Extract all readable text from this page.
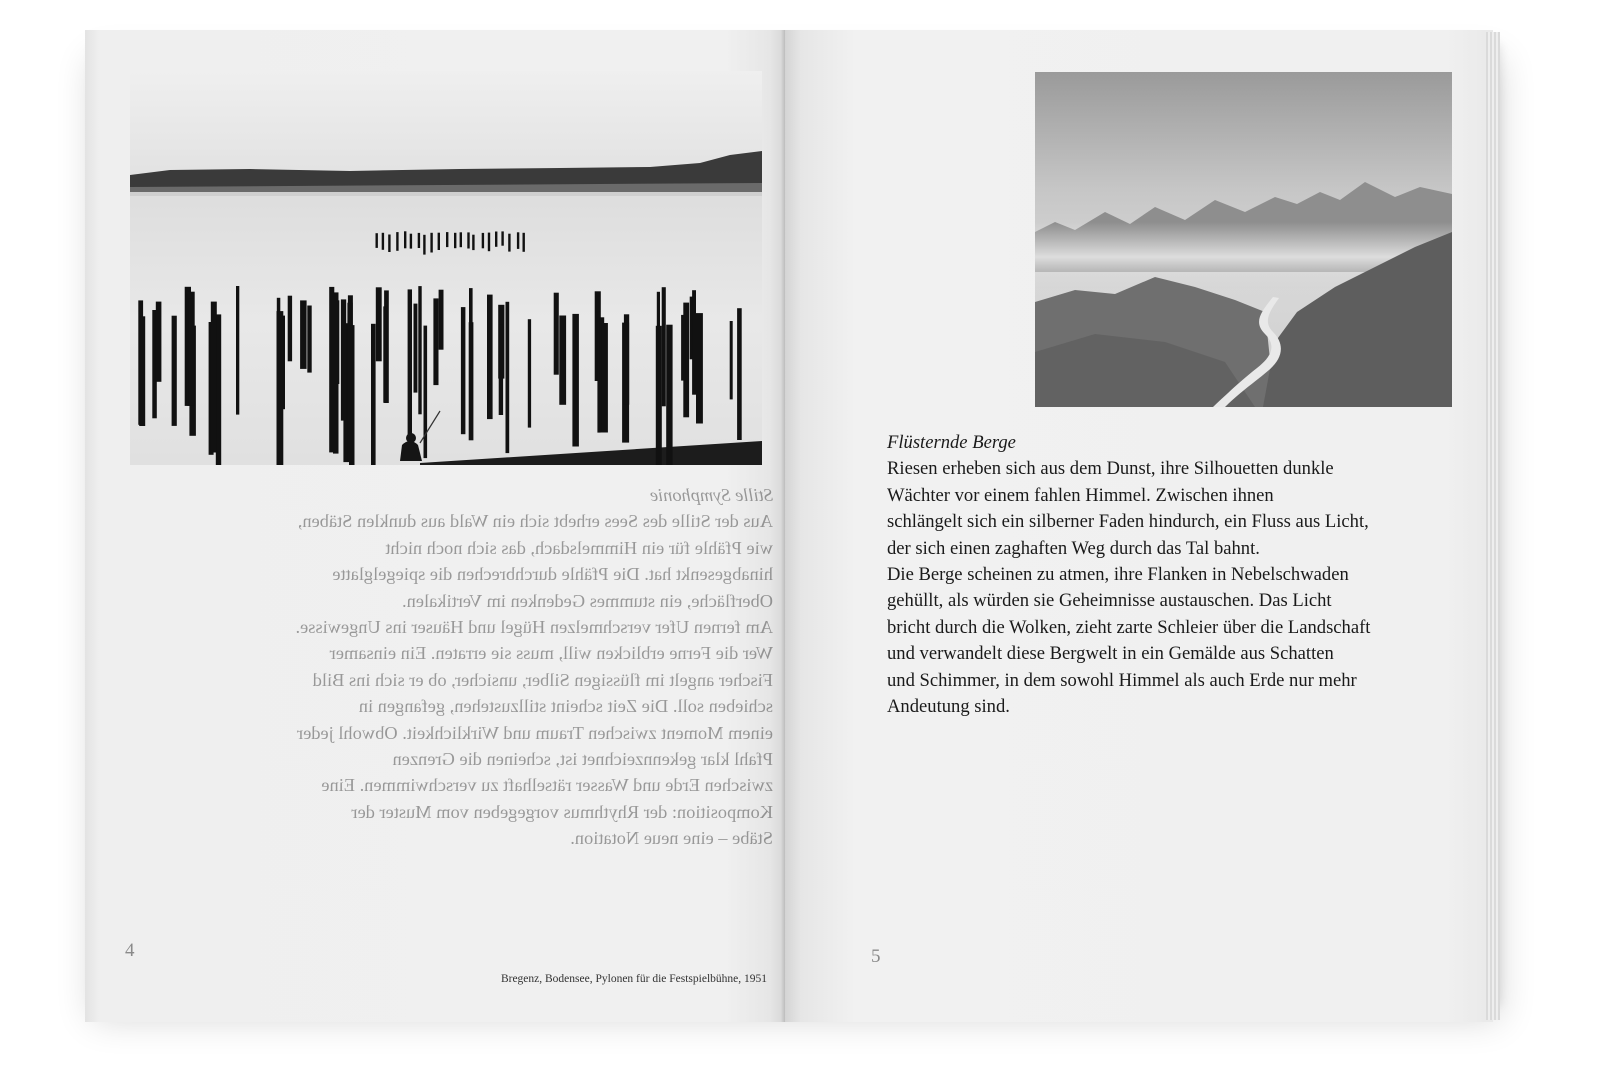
Stille Symphonie

Aus der Stille des Sees erhebt sich ein Wald aus dunklen Stäben,

wie Pfähle für ein Himmelsdach, das sich noch nicht

hinabgesenkt hat. Die Pfähle durchbrechen die spiegelglatte

Oberfläche, ein stummes Gedenken im Vertikalen.

Am fernen Ufer verschmelzen Hügel und Häuser ins Ungewisse.

Wer die Ferne erblicken will, muss sie erraten. Ein einsamer

Fischer angelt im flüssigen Silber, unsicher, ob er sich ins Bild

schieben soll. Die Zeit scheint stillzustehen, gefangen in

einem Moment zwischen Traum und Wirklichkeit. Obwohl jeder

Pfahl klar gekennzeichnet ist, scheinen die Grenzen

zwischen Erde und Wasser rätselhaft zu verschwimmen. Eine

Komposition: der Rhythmus vorgegeben vom Muster der

Stäbe – eine neue Notation.

4
Bregenz, Bodensee, Pylonen für die Festspielbühne, 1951

Flüsternde Berge

Riesen erheben sich aus dem Dunst, ihre Silhouetten dunkle

Wächter vor einem fahlen Himmel. Zwischen ihnen

schlängelt sich ein silberner Faden hindurch, ein Fluss aus Licht,

der sich einen zaghaften Weg durch das Tal bahnt.

Die Berge scheinen zu atmen, ihre Flanken in Nebelschwaden

gehüllt, als würden sie Geheimnisse austauschen. Das Licht

bricht durch die Wolken, zieht zarte Schleier über die Landschaft

und verwandelt diese Bergwelt in ein Gemälde aus Schatten

und Schimmer, in dem sowohl Himmel als auch Erde nur mehr

Andeutung sind.

5
